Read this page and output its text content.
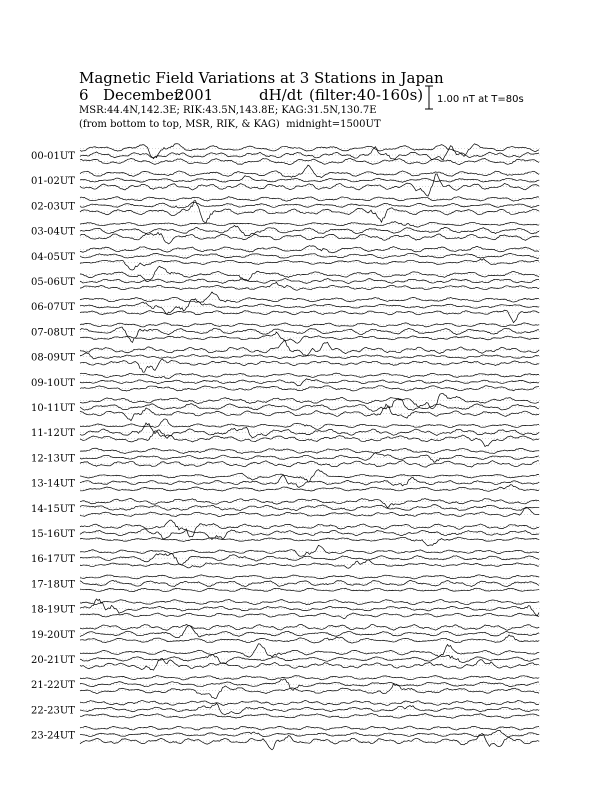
Magnetic Field Variations at 3 Stations in Japan
6 December
2001	dH/dt (filter:40-160s)
MSR:44.4N,142.3E; RIK:43.5N,143.8E; KAG:31.5N,130.7E
(from bottom to top, MSR, RIK, & KAG) midnight=1500UT
1.00 nT at T=80s
00-01UT
01-02UT
02-03UT
03-04UT
04-05UT
05-06UT
06-07UT
07-08UT
08-09UT
09-10UT
10-11UT
11-12UT
12-13UT
13-14UT
14-15UT
15-16UT
16-17UT
17-18UT
18-19UT
19-20UT
20-21UT
21-22UT
22-23UT
23-24UT
